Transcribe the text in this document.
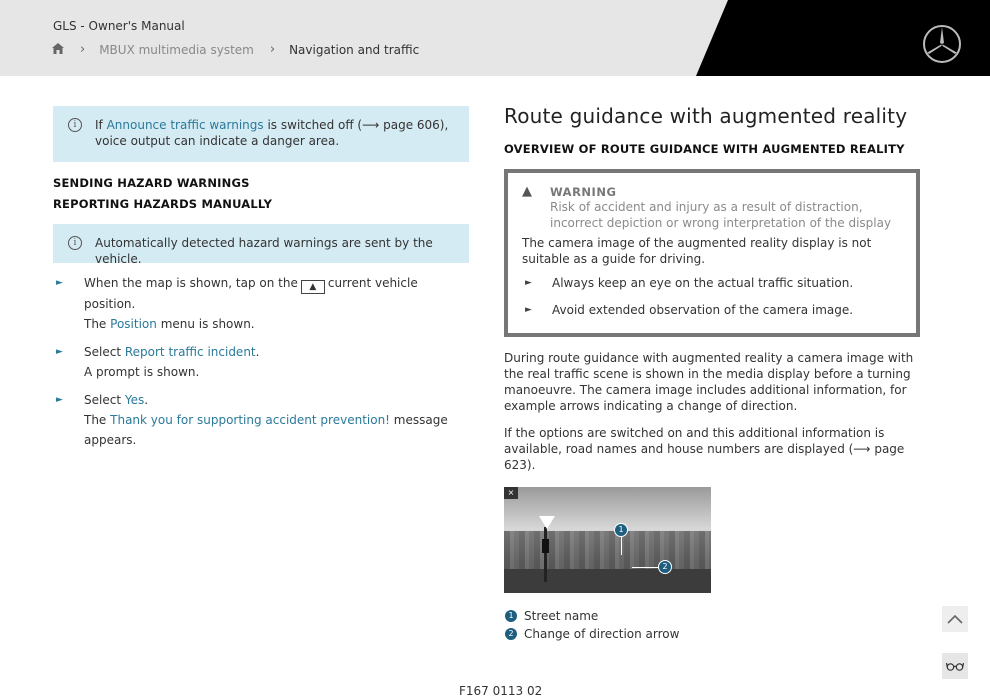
GLS - Owner's Manual
› MBUX multimedia system › Navigation and traffic
i	If Announce traffic warnings is switched off (⟶ page 606), voice output can indicate a danger area.
SENDING HAZARD WARNINGS
REPORTING HAZARDS MANUALLY
i	Automatically detected hazard warnings are sent by the vehicle.
►	When the map is shown, tap on the ▲ current vehicle position.
The Position menu is shown.
►	Select Report traffic incident.
A prompt is shown.
►	Select Yes.
The Thank you for supporting accident prevention! message appears.
Route guidance with augmented reality
OVERVIEW OF ROUTE GUIDANCE WITH AUGMENTED REALITY
▲	WARNING
Risk of accident and injury as a result of distraction, incorrect depiction or wrong interpretation of the display
The camera image of the augmented reality display is not suitable as a guide for driving.
►	Always keep an eye on the actual traffic situation.
►	Avoid extended observation of the camera image.

During route guidance with augmented reality a camera image with the real traffic scene is shown in the media display before a turning manoeuvre. The camera image includes additional information, for example arrows indicating a change of direction.

If the options are switched on and this additional information is available, road names and house numbers are displayed (⟶ page 623).

1
2
×
1 Street name
2 Change of direction arrow
F167 0113 02
